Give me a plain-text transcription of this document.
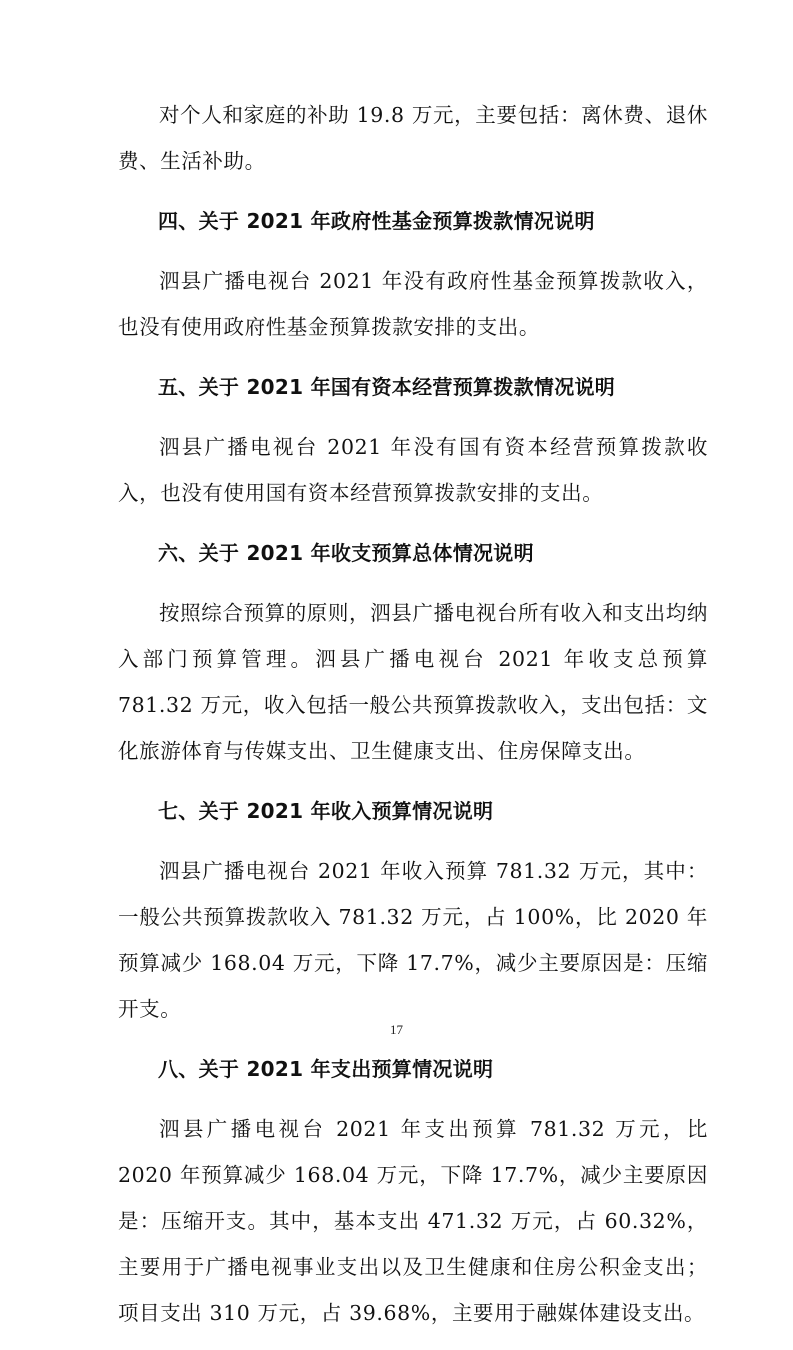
对个人和家庭的补助 19.8 万元，主要包括：离休费、退休费、生活补助。

四、关于 2021 年政府性基金预算拨款情况说明

泗县广播电视台 2021 年没有政府性基金预算拨款收入，也没有使用政府性基金预算拨款安排的支出。

五、关于 2021 年国有资本经营预算拨款情况说明

泗县广播电视台 2021 年没有国有资本经营预算拨款收入，也没有使用国有资本经营预算拨款安排的支出。

六、关于 2021 年收支预算总体情况说明

按照综合预算的原则，泗县广播电视台所有收入和支出均纳入部门预算管理。泗县广播电视台 2021 年收支总预算 781.32 万元，收入包括一般公共预算拨款收入，支出包括：文化旅游体育与传媒支出、卫生健康支出、住房保障支出。

七、关于 2021 年收入预算情况说明

泗县广播电视台 2021 年收入预算 781.32 万元，其中：一般公共预算拨款收入 781.32 万元，占 100%，比 2020 年预算减少 168.04 万元，下降 17.7%，减少主要原因是：压缩开支。

八、关于 2021 年支出预算情况说明

泗县广播电视台 2021 年支出预算 781.32 万元，比 2020 年预算减少 168.04 万元，下降 17.7%，减少主要原因是：压缩开支。其中，基本支出 471.32 万元，占 60.32%，主要用于广播电视事业支出以及卫生健康和住房公积金支出；项目支出 310 万元，占 39.68%，主要用于融媒体建设支出。

17
